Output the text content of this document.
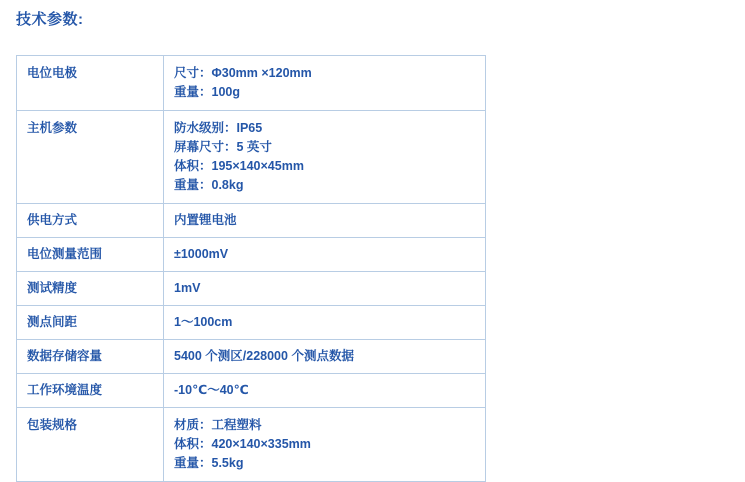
技术参数:
电位电极	尺寸：Φ30mm ×120mm
重量：100g

主机参数	防水级别：IP65
屏幕尺寸：5 英寸
体积：195×140×45mm
重量：0.8kg

供电方式	内置锂电池

电位测量范围	±1000mV

测试精度	1mV

测点间距	1～100cm

数据存储容量	5400 个测区/228000 个测点数据

工作环境温度	-10℃～40℃

包装规格	材质：工程塑料
体积：420×140×335mm
重量：5.5kg
